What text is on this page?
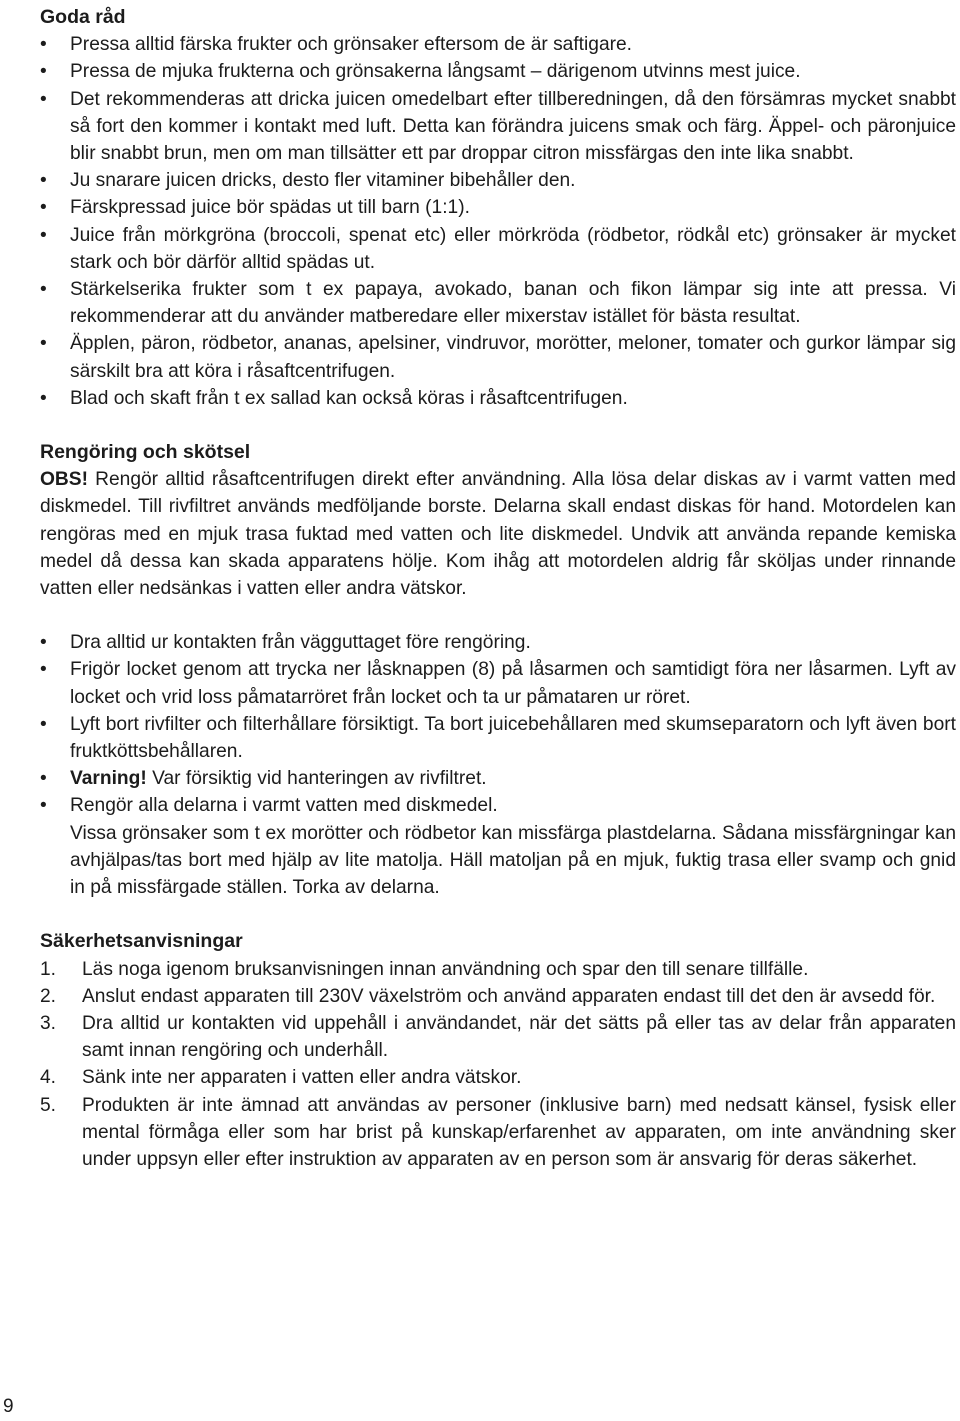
Goda råd
• Pressa alltid färska frukter och grönsaker eftersom de är saftigare.
• Pressa de mjuka frukterna och grönsakerna långsamt – därigenom utvinns mest juice.
• Det rekommenderas att dricka juicen omedelbart efter tillberedningen, då den försämras mycket snabbt så fort den kommer i kontakt med luft. Detta kan förändra juicens smak och färg. Äppel- och päronjuice blir snabbt brun, men om man tillsätter ett par droppar citron missfärgas den inte lika snabbt.
• Ju snarare juicen dricks, desto fler vitaminer bibehåller den.
• Färskpressad juice bör spädas ut till barn (1:1).
• Juice från mörkgröna (broccoli, spenat etc) eller mörkröda (rödbetor, rödkål etc) grönsaker är mycket stark och bör därför alltid spädas ut.
• Stärkelserika frukter som t ex papaya, avokado, banan och fikon lämpar sig inte att pressa. Vi rekommenderar att du använder matberedare eller mixerstav istället för bästa resultat.
• Äpplen, päron, rödbetor, ananas, apelsiner, vindruvor, morötter, meloner, tomater och gurkor lämpar sig särskilt bra att köra i råsaftcentrifugen.
• Blad och skaft från t ex sallad kan också köras i råsaftcentrifugen.
Rengöring och skötsel

OBS! Rengör alltid råsaftcentrifugen direkt efter användning. Alla lösa delar diskas av i varmt vatten med diskmedel. Till rivfiltret används medföljande borste. Delarna skall endast diskas för hand. Motordelen kan rengöras med en mjuk trasa fuktad med vatten och lite diskmedel. Undvik att använda repande kemiska medel då dessa kan skada apparatens hölje. Kom ihåg att motordelen aldrig får sköljas under rinnande vatten eller nedsänkas i vatten eller andra vätskor.

• Dra alltid ur kontakten från vägguttaget före rengöring.
• Frigör locket genom att trycka ner låsknappen (8) på låsarmen och samtidigt föra ner låsarmen. Lyft av locket och vrid loss påmatarröret från locket och ta ur påmataren ur röret.
• Lyft bort rivfilter och filterhållare försiktigt. Ta bort juicebehållaren med skumseparatorn och lyft även bort fruktköttsbehållaren.
• Varning! Var försiktig vid hanteringen av rivfiltret.
• Rengör alla delarna i varmt vatten med diskmedel.
Vissa grönsaker som t ex morötter och rödbetor kan missfärga plastdelarna. Sådana missfärgningar kan avhjälpas/tas bort med hjälp av lite matolja. Häll matoljan på en mjuk, fuktig trasa eller svamp och gnid in på missfärgade ställen. Torka av delarna.
Säkerhetsanvisningar
1. Läs noga igenom bruksanvisningen innan användning och spar den till senare tillfälle.
2. Anslut endast apparaten till 230V växelström och använd apparaten endast till det den är avsedd för.
3. Dra alltid ur kontakten vid uppehåll i användandet, när det sätts på eller tas av delar från apparaten samt innan rengöring och underhåll.
4. Sänk inte ner apparaten i vatten eller andra vätskor.
5. Produkten är inte ämnad att användas av personer (inklusive barn) med nedsatt känsel, fysisk eller mental förmåga eller som har brist på kunskap/erfarenhet av apparaten, om inte användning sker under uppsyn eller efter instruktion av apparaten av en person som är ansvarig för deras säkerhet.
9
